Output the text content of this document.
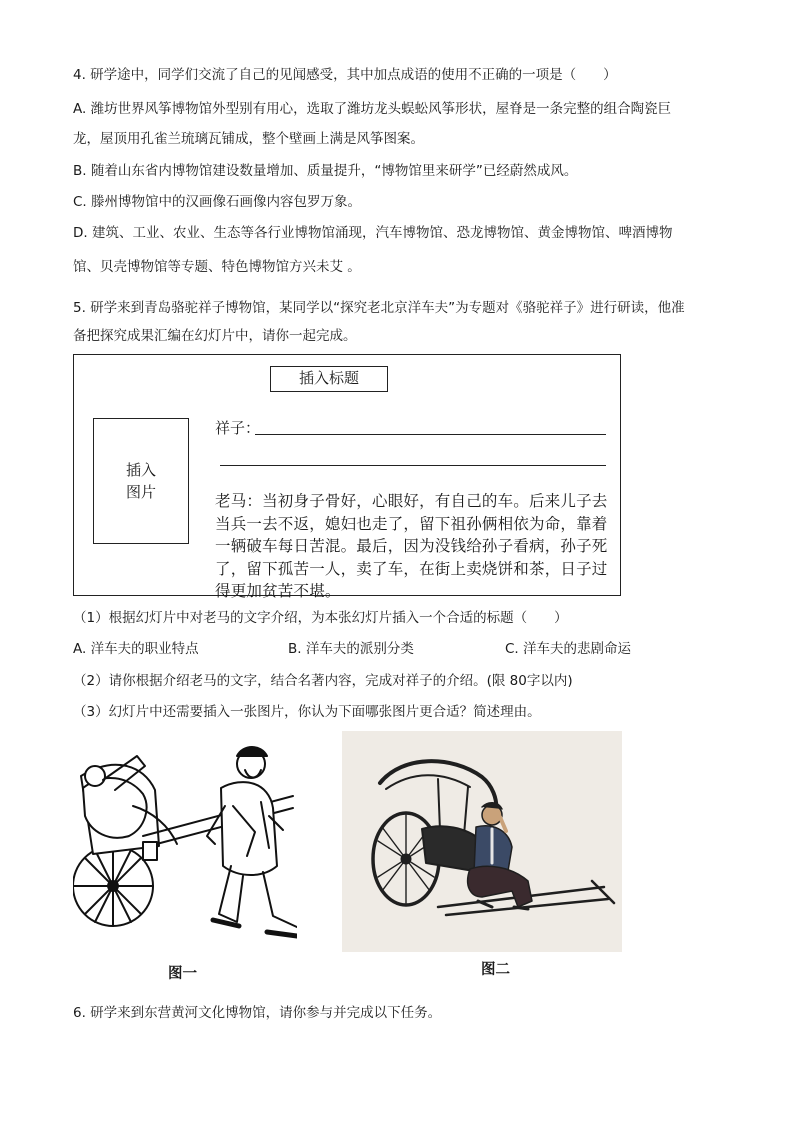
4. 研学途中，同学们交流了自己的见闻感受，其中加点成语的使用不正确的一项是（　　）
A. 潍坊世界风筝博物馆外型别有用心，选取了潍坊龙头蜈蚣风筝形状，屋脊是一条完整的组合陶瓷巨
龙，屋顶用孔雀兰琉璃瓦铺成，整个壁画上满是风筝图案。
B. 随着山东省内博物馆建设数量增加、质量提升，“博物馆里来研学”已经蔚然成风。
C. 滕州博物馆中的汉画像石画像内容包罗万象。
D. 建筑、工业、农业、生态等各行业博物馆涌现，汽车博物馆、恐龙博物馆、黄金博物馆、啤酒博物
馆、贝壳博物馆等专题、特色博物馆方兴未艾 。
5. 研学来到青岛骆驼祥子博物馆，某同学以“探究老北京洋车夫”为专题对《骆驼祥子》进行研读，他准
备把探究成果汇编在幻灯片中，请你一起完成。
插入标题
插入
图片
祥子：
老马：当初身子骨好，心眼好，有自己的车。后来儿子去当兵一去不返，媳妇也走了，留下祖孙俩相依为命，靠着一辆破车每日苦混。最后，因为没钱给孙子看病，孙子死了，留下孤苦一人，卖了车，在街上卖烧饼和茶，日子过得更加贫苦不堪。
（1）根据幻灯片中对老马的文字介绍，为本张幻灯片插入一个合适的标题（　　）
A. 洋车夫的职业特点	B. 洋车夫的派别分类	C. 洋车夫的悲剧命运
（2）请你根据介绍老马的文字，结合名著内容，完成对祥子的介绍。(限 80字以内)
（3）幻灯片中还需要插入一张图片，你认为下面哪张图片更合适？简述理由。
图一	图二
6. 研学来到东营黄河文化博物馆，请你参与并完成以下任务。
